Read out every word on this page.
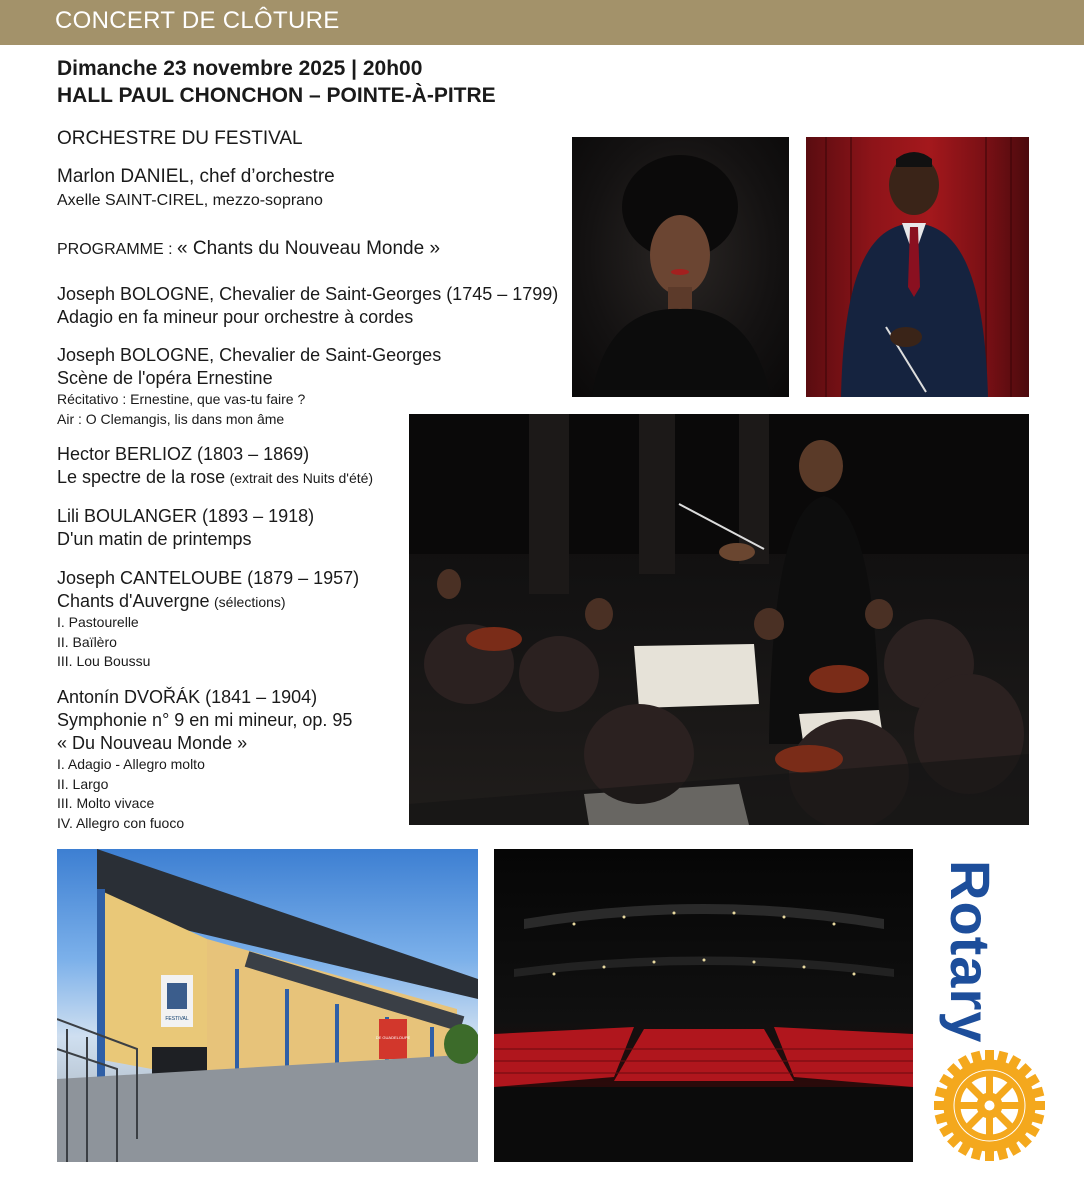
CONCERT DE CLÔTURE
Dimanche 23 novembre 2025 | 20h00
HALL PAUL CHONCHON – POINTE-À-PITRE
ORCHESTRE DU FESTIVAL
Marlon DANIEL, chef d’orchestre
Axelle SAINT-CIREL, mezzo-soprano
PROGRAMME : « Chants du Nouveau Monde »
Joseph BOLOGNE, Chevalier de Saint-Georges (1745 – 1799)
Adagio en fa mineur pour orchestre à cordes
Joseph BOLOGNE, Chevalier de Saint-Georges
Scène de l'opéra Ernestine
Récitativo : Ernestine, que vas-tu faire ?
Air : O Clemangis, lis dans mon âme
Hector BERLIOZ (1803 – 1869)
Le spectre de la rose (extrait des Nuits d'été)
Lili BOULANGER (1893 – 1918)
D'un matin de printemps
Joseph CANTELOUBE (1879 – 1957)
Chants d'Auvergne (sélections)
I. Pastourelle
II. Baïlèro
III. Lou Boussu
Antonín DVOŘÁK (1841 – 1904)
Symphonie n° 9 en mi mineur, op. 95
« Du Nouveau Monde »
I. Adagio - Allegro molto
II. Largo
III. Molto vivace
IV. Allegro con fuoco
FESTIVAL
DE GUADELOUPE	Rotary
